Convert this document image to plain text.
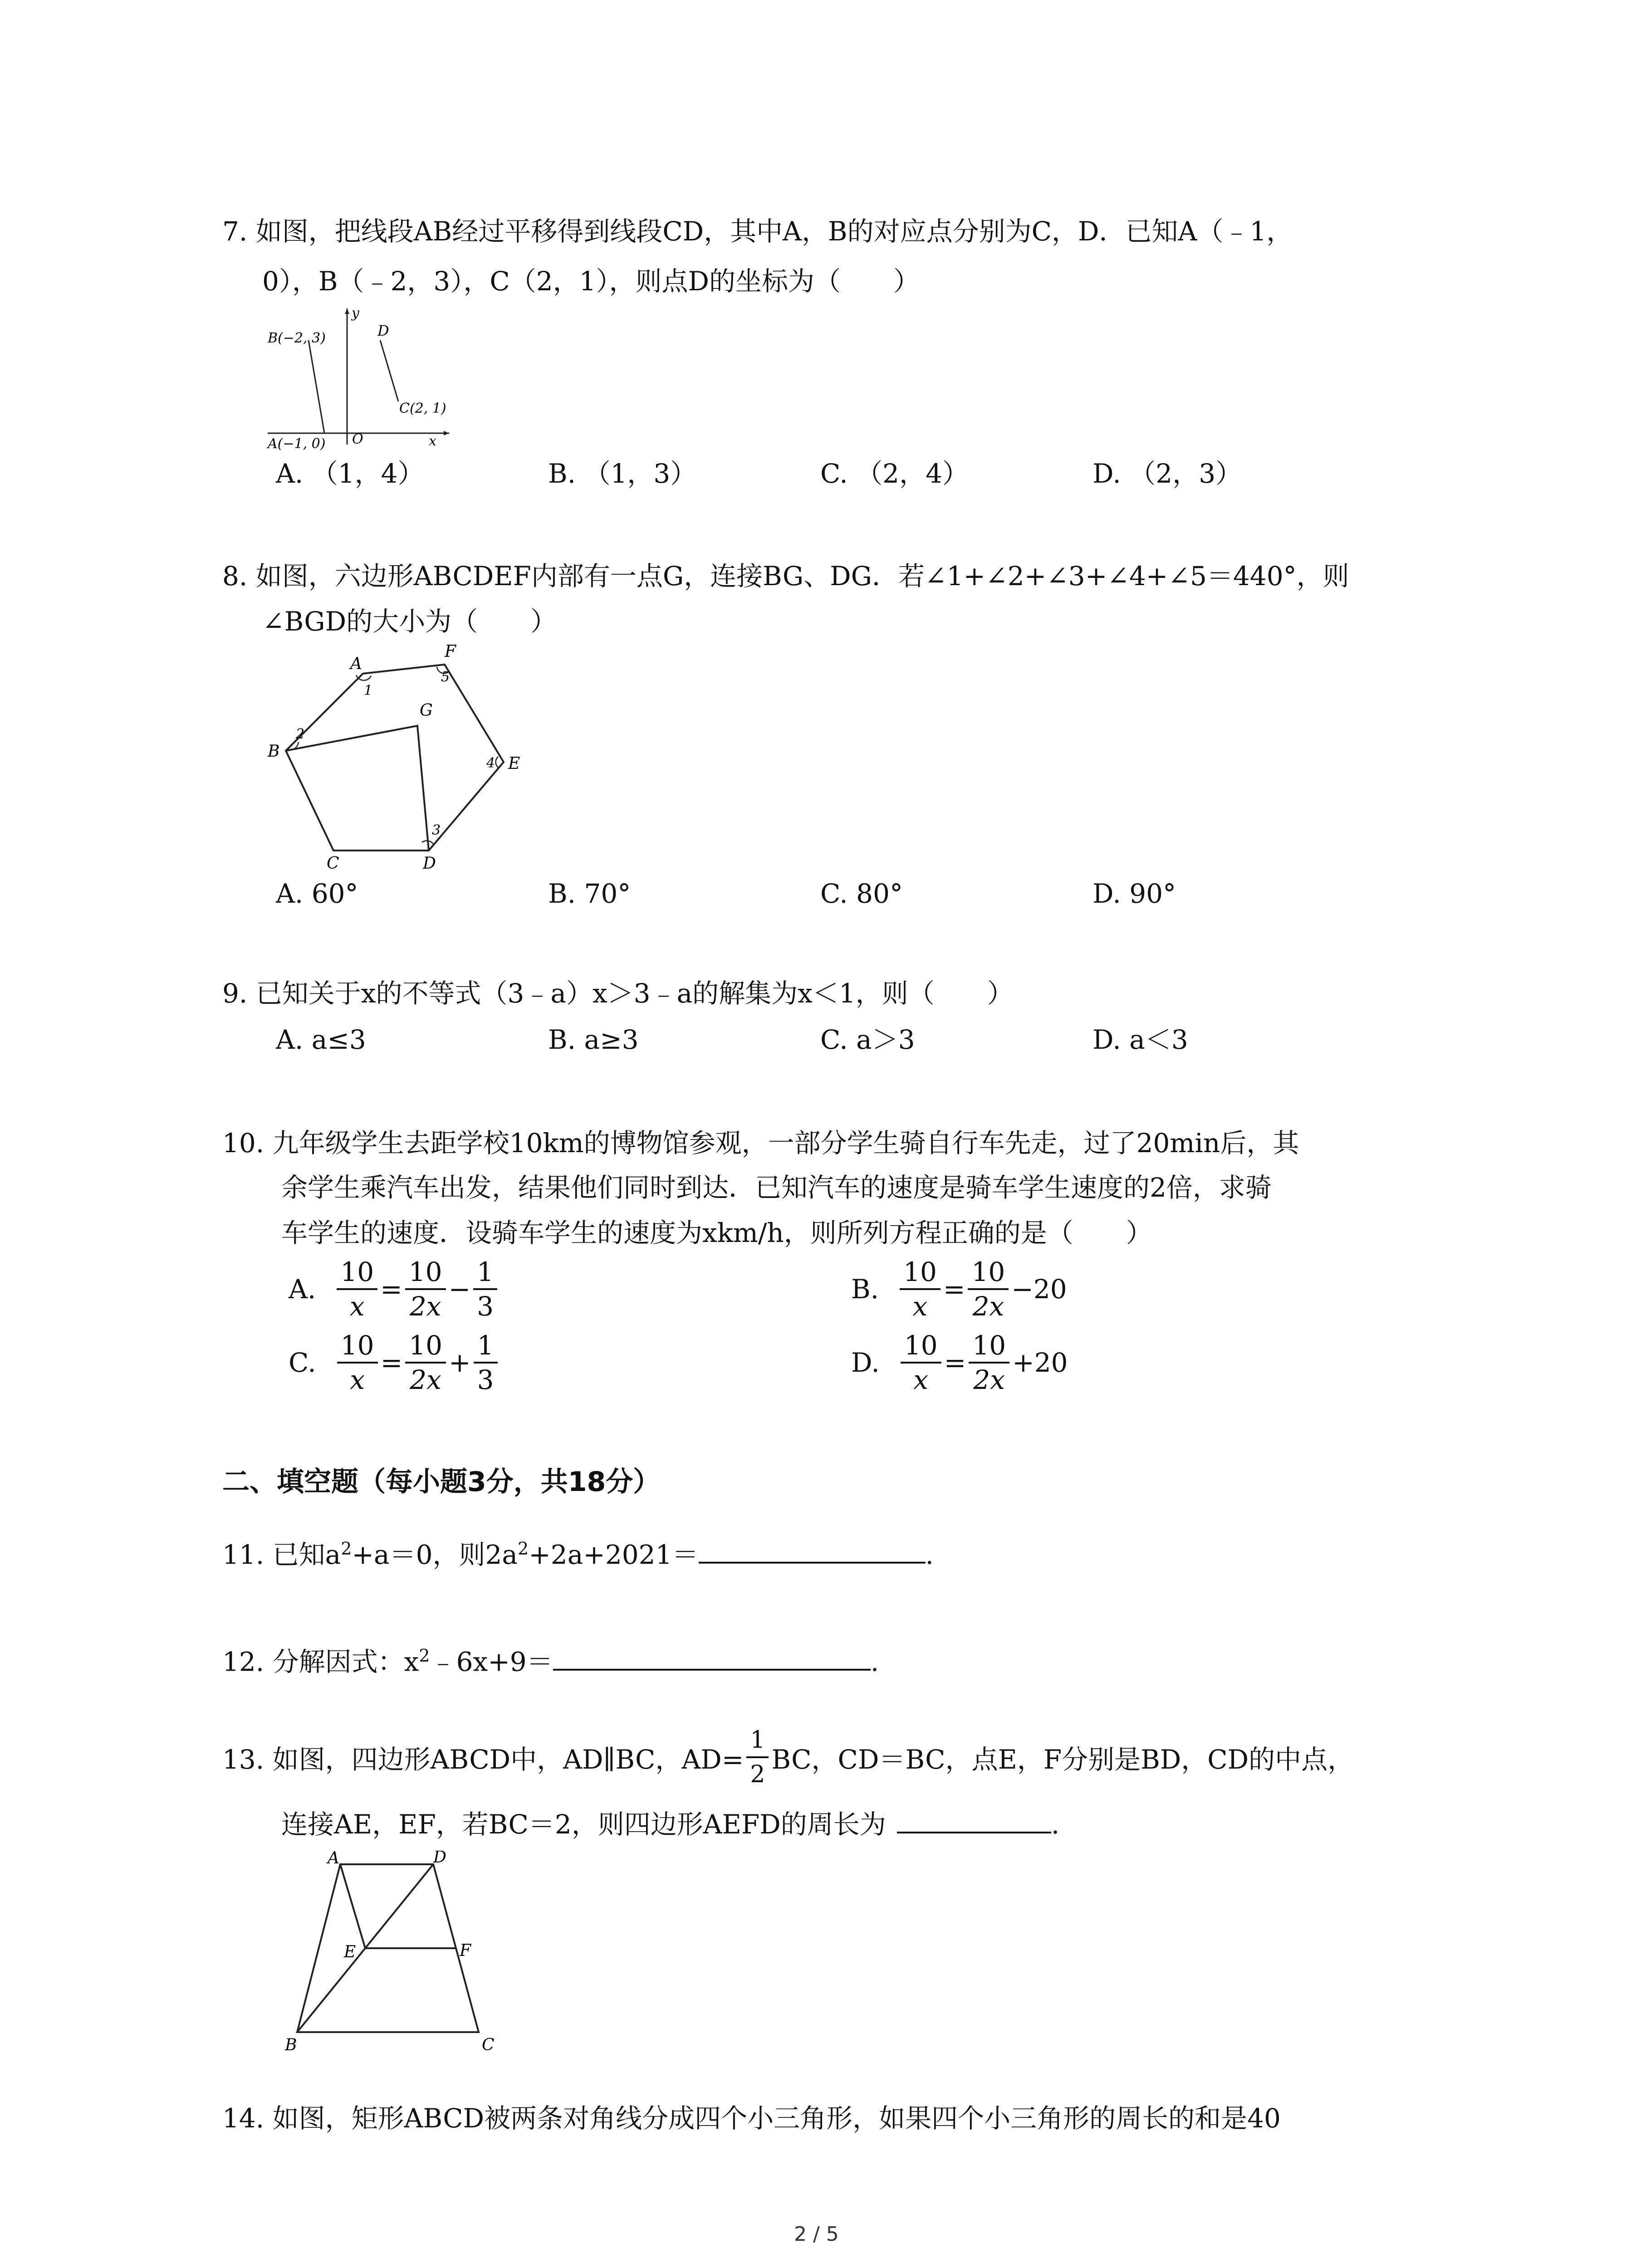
7. 如图，把线段AB经过平移得到线段CD，其中A，B的对应点分别为C，D．已知A（﹣1，
0），B（﹣2，3），C（2，1），则点D的坐标为（　　）
B(−2, 3)
A(−1, 0) O
D
C(2, 1)
y
x
A. （1，4）	B. （1，3）	C. （2，4）	D. （2，3）
8. 如图，六边形ABCDEF内部有一点G，连接BG、DG．若∠1+∠2+∠3+∠4+∠5＝440°，则
∠BGD的大小为（　　）
A
F
B
G
E
C	D
1
2
3
4
5
A. 60°	B. 70°	C. 80°	D. 90°
9. 已知关于x的不等式（3﹣a）x＞3﹣a的解集为x＜1，则（　　）
A. a≤3	B. a≥3	C. a＞3	D. a＜3
10. 九年级学生去距学校10km的博物馆参观，一部分学生骑自行车先走，过了20min后，其
余学生乘汽车出发，结果他们同时到达．已知汽车的速度是骑车学生速度的2倍，求骑
车学生的速度．设骑车学生的速度为xkm/h，则所列方程正确的是（　　）
A. $\frac{10}{x} = \frac{10}{2x} - \frac{1}{3}$	B. $\frac{10}{x} = \frac{10}{2x} -20$
C. $\frac{10}{x} = \frac{10}{2x} + \frac{1}{3}$	D. $\frac{10}{x} = \frac{10}{2x} +20$
二、填空题（每小题3分，共18分）
11. 已知$a^2+a=0$，则$2a^2+2a+2021=$	.
12. 分解因式：$x^2﹣6x+9=$	.
13. 如图，四边形ABCD中，AD∥BC，$AD= \frac{1}{2}$ BC，CD＝BC，点E，F分别是BD，CD的中点，
连接AE，EF，若BC＝2，则四边形AEFD的周长为	.
A	D
E	F
B	C
14. 如图，矩形ABCD被两条对角线分成四个小三角形，如果四个小三角形的周长的和是40
2 / 5
